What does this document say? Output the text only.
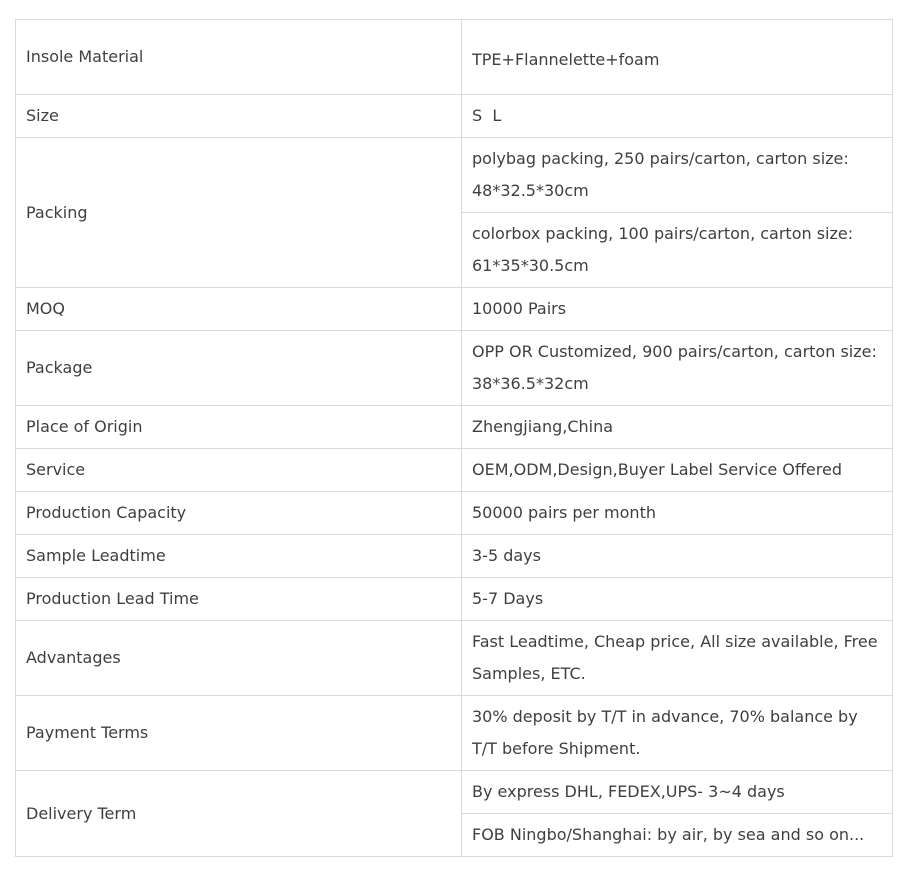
Insole Material	TPE+Flannelette+foam
Size	S  L
Packing	polybag packing, 250 pairs/carton, carton size: 48*32.5*30cm
	colorbox packing, 100 pairs/carton, carton size: 61*35*30.5cm
MOQ	10000 Pairs
Package	OPP OR Customized, 900 pairs/carton, carton size: 38*36.5*32cm
Place of Origin	Zhengjiang,China
Service	OEM,ODM,Design,Buyer Label Service Offered
Production Capacity	50000 pairs per month
Sample Leadtime	3-5 days
Production Lead Time	5-7 Days
Advantages	Fast Leadtime, Cheap price, All size available, Free Samples, ETC.
Payment Terms	30% deposit by T/T in advance, 70% balance by T/T before Shipment.
Delivery Term	By express DHL, FEDEX,UPS- 3~4 days
	FOB Ningbo/Shanghai: by air, by sea and so on...
